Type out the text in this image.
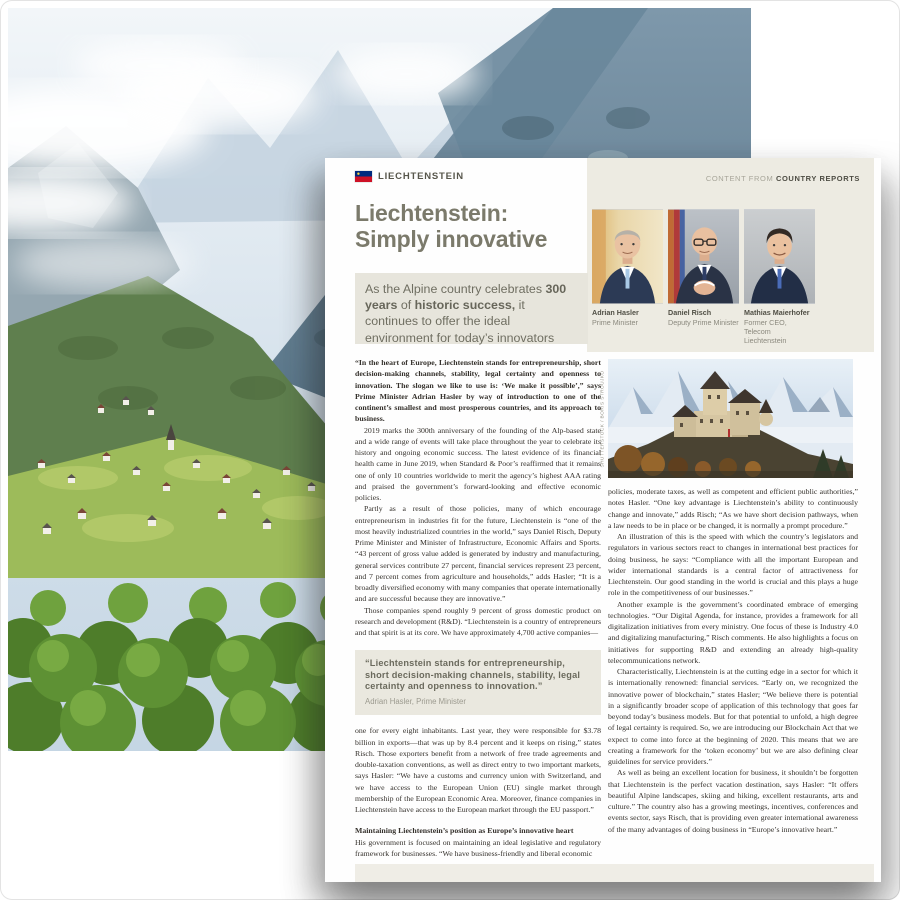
LIECHTENSTEIN	CONTENT FROM COUNTRY REPORTS
Adrian Hasler
Prime Minister
Daniel Risch
Deputy Prime Minister
Mathias Maierhofer
Former CEO, Telecom Liechtenstein
Liechtenstein:
Simply innovative
As the Alpine country celebrates 300 years of historic success, it continues to offer the ideal environment for today’s innovators
SHUTTERSTOCK / BORIS STROUJKO

“In the heart of Europe, Liechtenstein stands for entrepreneurship, short decision-making channels, stability, legal certainty and openness to innovation. The slogan we like to use is: ‘We make it possible’,” says Prime Minister Adrian Hasler by way of introduction to one of the continent’s smallest and most prosperous countries, and its approach to business.

2019 marks the 300th anniversary of the founding of the Alp-based state and a wide range of events will take place throughout the year to celebrate its history and ongoing economic success. The latest evidence of its financial health came in June 2019, when Standard & Poor’s reaffirmed that it remains one of only 10 countries worldwide to merit the agency’s highest AAA rating and praised the government’s forward-looking and effective economic policies.

Partly as a result of those policies, many of which encourage entrepreneurism in industries fit for the future, Liechtenstein is “one of the most heavily industrialized countries in the world,” says Daniel Risch, Deputy Prime Minister and Minister of Infrastructure, Economic Affairs and Sports. “43 percent of gross value added is generated by industry and manufacturing, general services contribute 27 percent, financial services represent 23 percent, and 7 percent comes from agriculture and households,” adds Hasler; “It is a broadly diversified economy with many companies that operate internationally and are successful because they are innovative.”

Those companies spend roughly 9 percent of gross domestic product on research and development (R&D). “Liechtenstein is a country of entrepreneurs and that spirit is at its core. We have approximately 4,700 active companies—

“Liechtenstein stands for entrepreneurship, short decision-making channels, stability, legal certainty and openness to innovation.”
Adrian Hasler, Prime Minister

one for every eight inhabitants. Last year, they were responsible for $3.78 billion in exports—that was up by 8.4 percent and it keeps on rising,” states Risch. Those exporters benefit from a network of free trade agreements and double-taxation conventions, as well as direct entry to two important markets, says Hasler: “We have a customs and currency union with Switzerland, and we have access to the European Union (EU) single market through membership of the European Economic Area. Moreover, finance companies in Liechtenstein have access to the European market through the EU passport.”

Maintaining Liechtenstein’s position as Europe’s innovative heart

His government is focused on maintaining an ideal legislative and regulatory framework for businesses. “We have business-friendly and liberal economic

policies, moderate taxes, as well as competent and efficient public authorities,” notes Hasler. “One key advantage is Liechtenstein’s ability to continuously change and innovate,” adds Risch; “As we have short decision pathways, when a law needs to be in place or be changed, it is normally a prompt procedure.”

An illustration of this is the speed with which the country’s legislators and regulators in various sectors react to changes in international best practices for doing business, he says: “Compliance with all the important European and wider international standards is a central factor of attractiveness for Liechtenstein. Our good standing in the world is crucial and this plays a huge role in the competitiveness of our businesses.”

Another example is the government’s coordinated embrace of emerging technologies. “Our Digital Agenda, for instance, provides a framework for all digitalization initiatives from every ministry. One focus of these is Industry 4.0 and digitalizing manufacturing,” Risch comments. He also highlights a focus on initiatives for supporting R&D and extending an already high-quality telecommunications network.

Characteristically, Liechtenstein is at the cutting edge in a sector for which it is internationally renowned: financial services. “Early on, we recognized the innovative power of blockchain,” states Hasler; “We believe there is potential in a significantly broader scope of application of this technology that goes far beyond today’s business models. But for that potential to unfold, a high degree of legal certainty is required. So, we are introducing our Blockchain Act that we expect to come into force at the beginning of 2020. This means that we are creating a framework for the ‘token economy’ but we are also defining clear guidelines for service providers.”

As well as being an excellent location for business, it shouldn’t be forgotten that Liechtenstein is the perfect vacation destination, says Hasler: “It offers beautiful Alpine landscapes, skiing and hiking, excellent restaurants, arts and culture.” The country also has a growing meetings, incentives, conferences and events sector, says Risch, that is providing even greater international awareness of the many advantages of doing business in “Europe’s innovative heart.”
